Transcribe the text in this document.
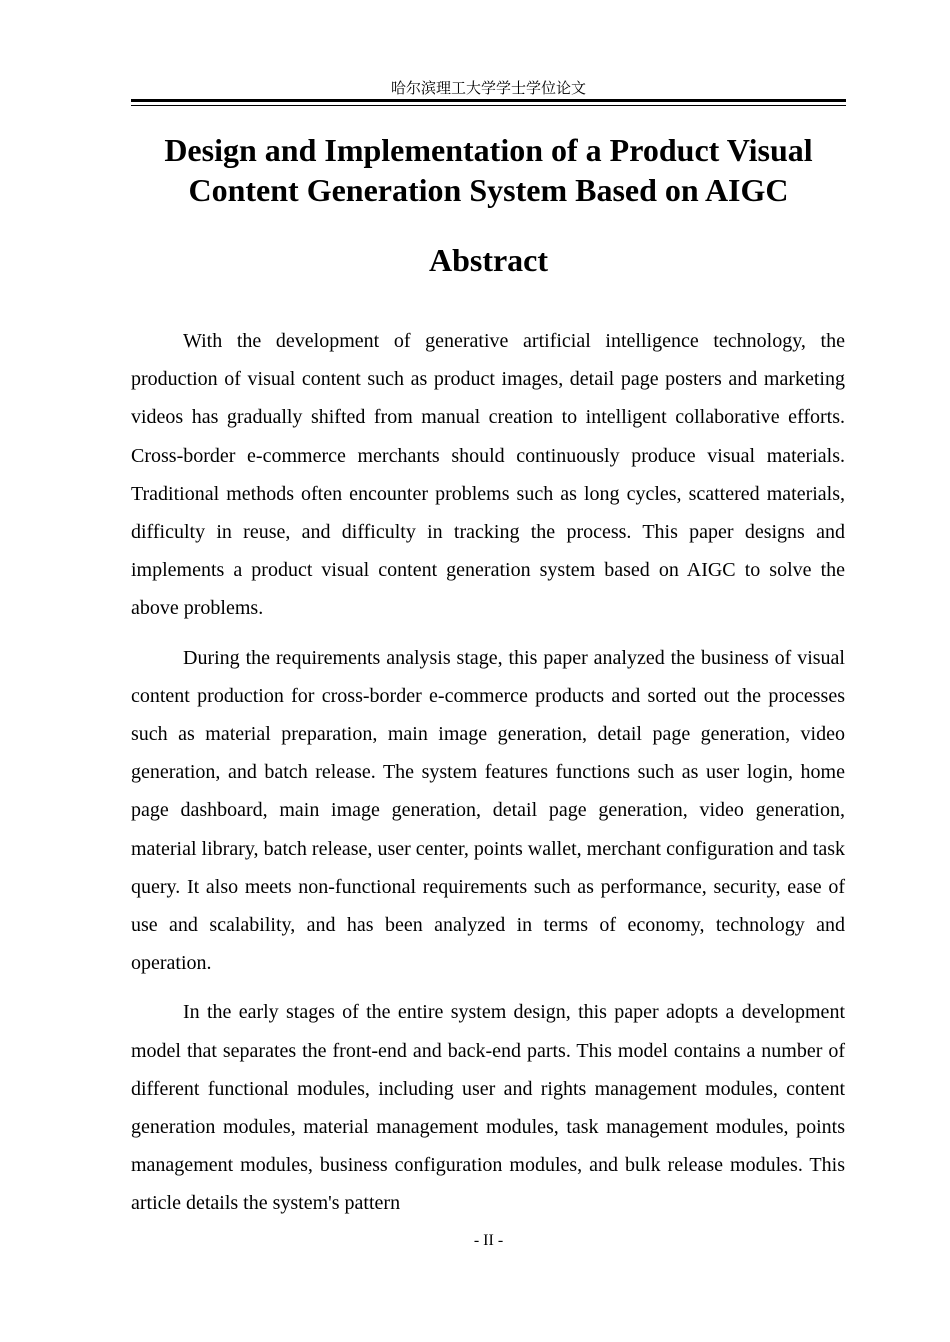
哈尔滨理工大学学士学位论文
Design and Implementation of a Product Visual
Content Generation System Based on AIGC
Abstract

With the development of generative artificial intelligence technology, the production of visual content such as product images, detail page posters and marketing videos has gradually shifted from manual creation to intelligent collaborative efforts. Cross-border e-commerce merchants should continuously produce visual materials. Traditional methods often encounter problems such as long cycles, scattered materials, difficulty in reuse, and difficulty in tracking the process. This paper designs and implements a product visual content generation system based on AIGC to solve the above problems.

During the requirements analysis stage, this paper analyzed the business of visual content production for cross-border e-commerce products and sorted out the processes such as material preparation, main image generation, detail page generation, video generation, and batch release. The system features functions such as user login, home page dashboard, main image generation, detail page generation, video generation, material library, batch release, user center, points wallet, merchant configuration and task query. It also meets non-functional requirements such as performance, security, ease of use and scalability, and has been analyzed in terms of economy, technology and operation.

In the early stages of the entire system design, this paper adopts a development model that separates the front-end and back-end parts. This model contains a number of different functional modules, including user and rights management modules, content generation modules, material management modules, task management modules, points management modules, business configuration modules, and bulk release modules. This article details the system's pattern

- II -
